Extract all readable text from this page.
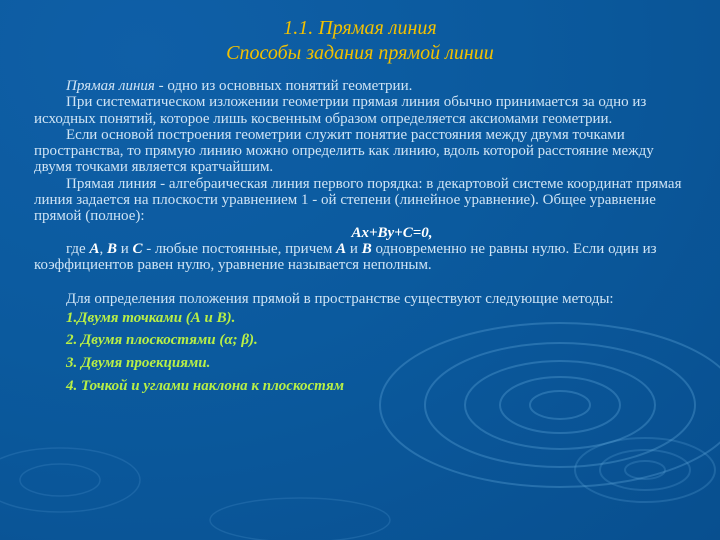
1.1. Прямая линия
Способы задания прямой линии

Прямая линия - одно из основных понятий геометрии.

При систематическом изложении геометрии прямая линия обычно принимается за одно из исходных понятий, которое лишь косвенным образом определяется аксиомами геометрии.

Если основой построения геометрии служит понятие расстояния между двумя точками пространства, то прямую линию можно определить как линию, вдоль которой расстояние между двумя точками является кратчайшим.

Прямая линия - алгебраическая линия первого порядка: в декартовой системе координат прямая линия задается на плоскости уравнением 1 - ой степени (линейное уравнение). Общее уравнение прямой (полное):

Ax+By+C=0,

где A, B и C - любые постоянные, причем A и B одновременно не равны нулю. Если один из коэффициентов равен нулю, уравнение называется неполным.

Для определения положения прямой в пространстве существуют следующие методы:

1.Двумя точками (А и В).

2. Двумя плоскостями (α; β).

3. Двумя проекциями.

4. Точкой и углами наклона к плоскостям
